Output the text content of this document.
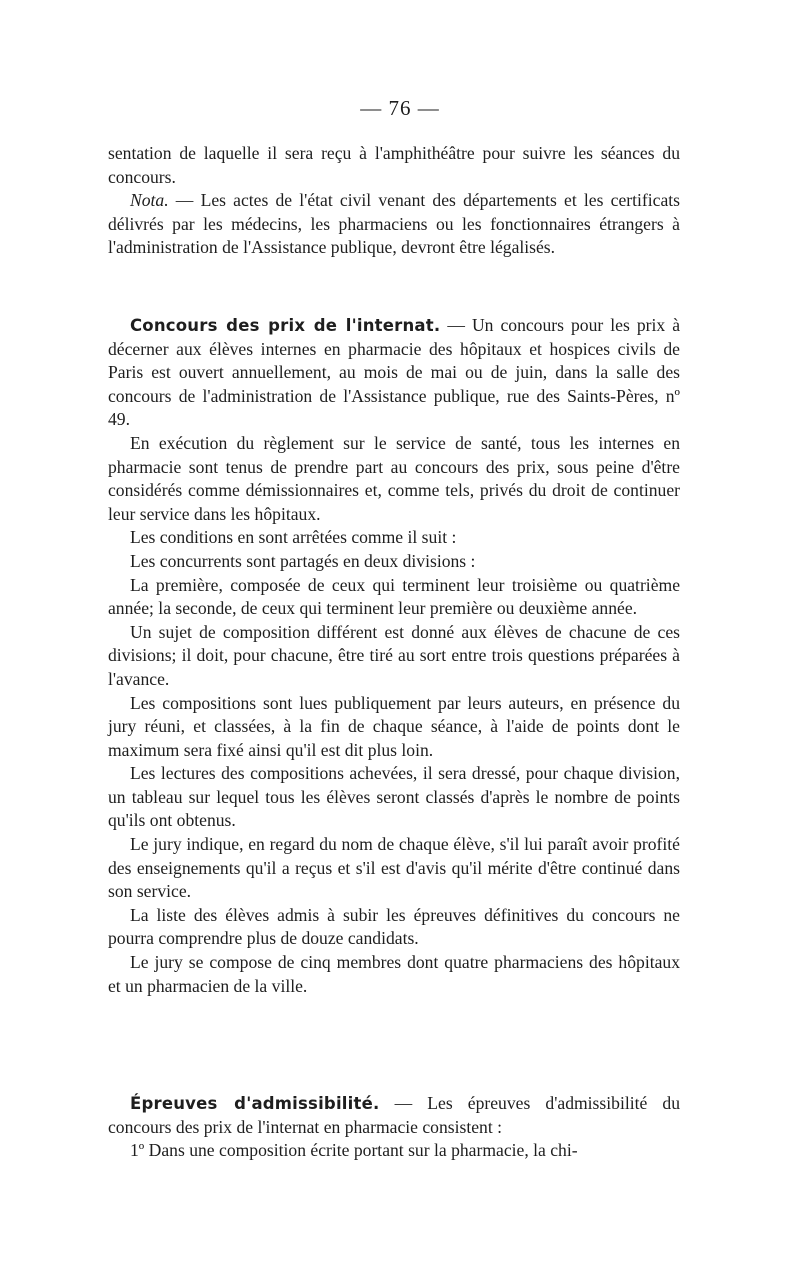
— 76 —

sentation de laquelle il sera reçu à l'amphithéâtre pour suivre les séances du concours.

Nota. — Les actes de l'état civil venant des départements et les certificats délivrés par les médecins, les pharmaciens ou les fonctionnaires étrangers à l'administration de l'Assistance publique, devront être légalisés.

Concours des prix de l'internat. — Un concours pour les prix à décerner aux élèves internes en pharmacie des hôpitaux et hospices civils de Paris est ouvert annuellement, au mois de mai ou de juin, dans la salle des concours de l'administration de l'Assistance publique, rue des Saints-Pères, nº 49.

En exécution du règlement sur le service de santé, tous les internes en pharmacie sont tenus de prendre part au concours des prix, sous peine d'être considérés comme démissionnaires et, comme tels, privés du droit de continuer leur service dans les hôpitaux.

Les conditions en sont arrêtées comme il suit :

Les concurrents sont partagés en deux divisions :

La première, composée de ceux qui terminent leur troisième ou quatrième année; la seconde, de ceux qui terminent leur première ou deuxième année.

Un sujet de composition différent est donné aux élèves de chacune de ces divisions; il doit, pour chacune, être tiré au sort entre trois questions préparées à l'avance.

Les compositions sont lues publiquement par leurs auteurs, en présence du jury réuni, et classées, à la fin de chaque séance, à l'aide de points dont le maximum sera fixé ainsi qu'il est dit plus loin.

Les lectures des compositions achevées, il sera dressé, pour chaque division, un tableau sur lequel tous les élèves seront classés d'après le nombre de points qu'ils ont obtenus.

Le jury indique, en regard du nom de chaque élève, s'il lui paraît avoir profité des enseignements qu'il a reçus et s'il est d'avis qu'il mérite d'être continué dans son service.

La liste des élèves admis à subir les épreuves définitives du concours ne pourra comprendre plus de douze candidats.

Le jury se compose de cinq membres dont quatre pharmaciens des hôpitaux et un pharmacien de la ville.

Épreuves d'admissibilité. — Les épreuves d'admissibilité du concours des prix de l'internat en pharmacie consistent :

1º Dans une composition écrite portant sur la pharmacie, la chi-
